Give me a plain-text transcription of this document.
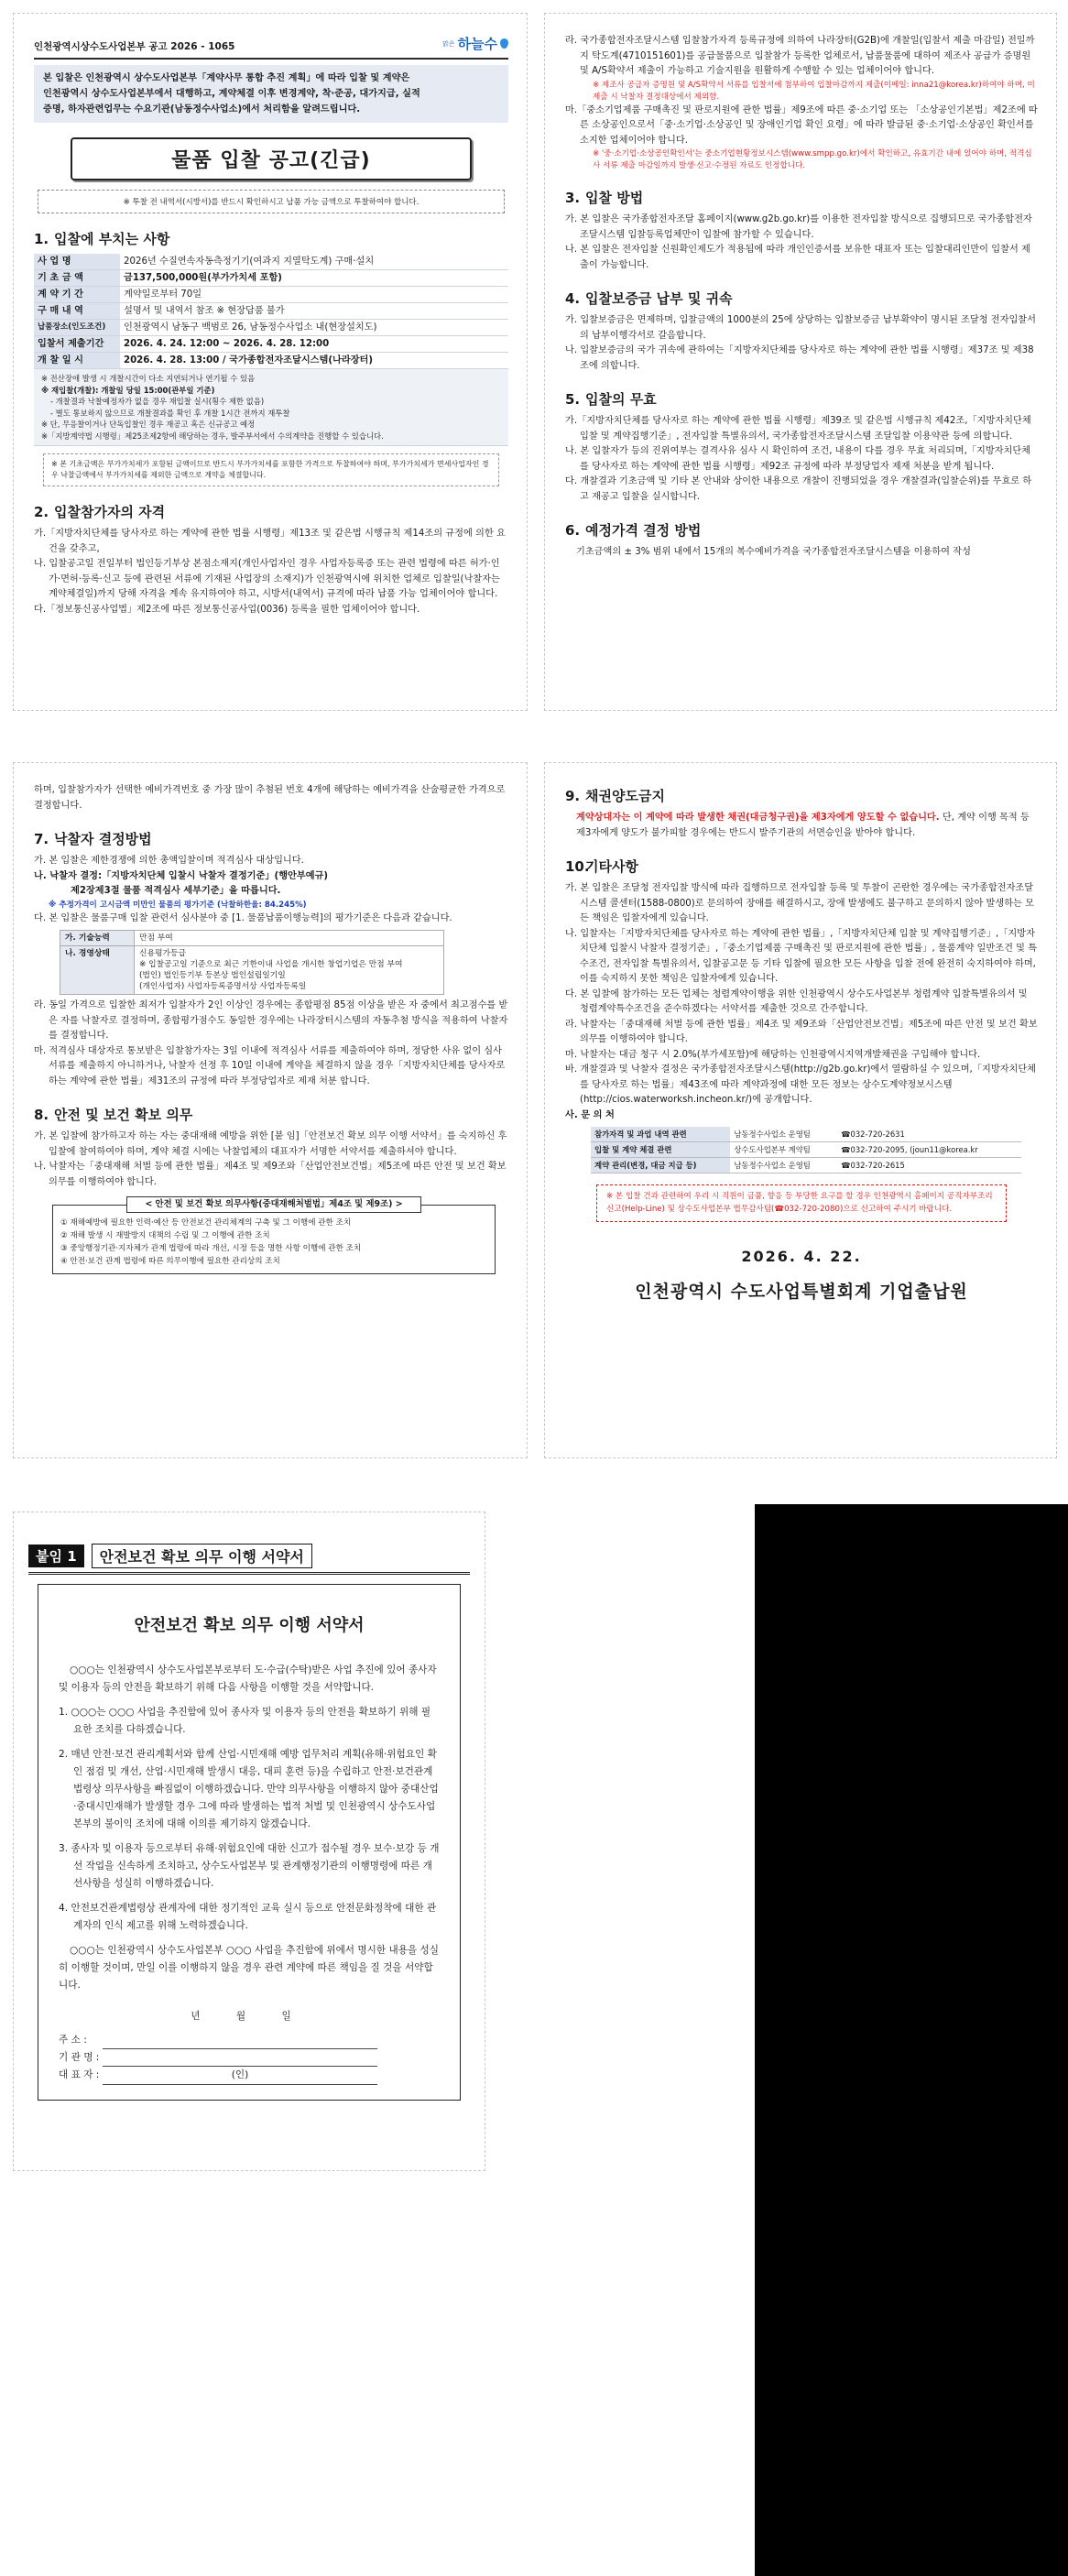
인천광역시상수도사업본부 공고 2026 - 1065	맑은 하늘수
본 입찰은 인천광역시 상수도사업본부「계약사무 통합 추진 계획」에 따라 입찰 및 계약은
인천광역시 상수도사업본부에서 대행하고, 계약체결 이후 변경계약, 착·준공, 대가지급, 실적
증명, 하자관련업무는 수요기관(남동정수사업소)에서 처리함을 알려드립니다.
물품 입찰 공고(긴급)
※ 투찰 전 내역서(시방서)를 반드시 확인하시고 납품 가능 금액으로 투찰하여야 합니다.
1. 입찰에 부치는 사항
사 업 명	2026년 수질연속자동측정기기(여과지 지열탁도계) 구매·설치
기 초 금 액	금137,500,000원(부가가치세 포함)
계 약 기 간	계약일로부터 70일
구 매 내 역	설명서 및 내역서 참조 ※ 현장답품 불가
납품장소(인도조건)	인천광역시 남동구 백범로 26, 남동정수사업소 내(현장설치도)
입찰서 제출기간	2026. 4. 24. 12:00 ~ 2026. 4. 28. 12:00
개 찰 일 시	2026. 4. 28. 13:00 / 국가종합전자조달시스템(나라장터)
※ 전산장애 발생 시 개찰시간이 다소 지연되거나 연기될 수 있음
※ 재입찰(개찰): 개찰일 당일 15:00(관부일 기준)
- 개찰결과 낙찰예정자가 없을 경우 재입찰 실시(횡수 제한 없음)
- 별도 통보하지 않으므로 개찰결과를 확인 후 개찰 1시간 전까지 재투찰
※ 단, 무응찰이거나 단독입찰인 경우 재공고 혹은 신규공고 예정
※「지방계약법 시행령」제25조제2항에 해당하는 경우, 발주부서에서 수의계약을 진행할 수 있습니다.
※ 본 기초금액은 부가가치세가 포함된 금액이므로 반드시 부가가치세를 포함한 가격으로 투찰하여야 하며, 부가가치세가 면세사업자인 경우 낙찰금액에서 부가가치세를 제외한 금액으로 계약을 체결합니다.
2. 입찰참가자의 자격

가.「지방자치단체를 당사자로 하는 계약에 관한 법률 시행령」제13조 및 같은법 시행규칙 제14조의 규정에 의한 요건을 갖추고,

나. 입찰공고일 전일부터 법인등기부상 본점소재지(개인사업자인 경우 사업자등록증 또는 관련 법령에 따른 허가·인가·면허·등록·신고 등에 관련된 서류에 기재된 사업장의 소재지)가 인천광역시에 위치한 업체로 입찰일(낙찰자는 계약체결일)까지 당해 자격을 계속 유지하여야 하고, 시방서(내역서) 규격에 따라 납품 가능 업체이어야 합니다.

다.「정보통신공사업법」제2조에 따른 정보통신공사업(0036) 등록을 필한 업체이어야 합니다.

라. 국가종합전자조달시스템 입찰참가자격 등록규정에 의하여 나라장터(G2B)에 개찰일(입찰서 제출 마감일) 전일까지 탁도계(4710151601)를 공급물품으로 입찰참가 등록한 업체로서, 납품물품에 대하여 제조사 공급가 증명원 및 A/S확약서 제출이 가능하고 기술지원을 원활하게 수행할 수 있는 업체이어야 합니다.

※ 제조사 공급자 증명원 및 A/S확약서 서류를 입찰서에 첨부하여 입찰마감까지 제출(이메일: inna21@korea.kr)하여야 하며, 미제출 시 낙찰자 결정대상에서 제외함.

마.「중소기업제품 구매촉진 및 판로지원에 관한 법률」제9조에 따른 중·소기업 또는 「소상공인기본법」제2조에 따른 소상공인으로서「중·소기업·소상공인 및 장애인기업 확인 요령」에 따라 발급된 중·소기업·소상공인 확인서를 소지한 업체이어야 합니다.

※ '중·소기업·소상공인확인서'는 중소기업현황정보시스템(www.smpp.go.kr)에서 확인하고, 유효기간 내에 있어야 하며, 적격심사 서류 제출 마감일까지 발생·신고·수정된 자료도 인정합니다.

3. 입찰 방법

가. 본 입찰은 국가종합전자조달 홈페이지(www.g2b.go.kr)를 이용한 전자입찰 방식으로 집행되므로 국가종합전자조달시스템 입찰등록업체만이 입찰에 참가할 수 있습니다.

나. 본 입찰은 전자입찰 신원확인제도가 적용됨에 따라 개인인증서를 보유한 대표자 또는 입찰대리인만이 입찰서 제출이 가능합니다.

4. 입찰보증금 납부 및 귀속

가. 입찰보증금은 면제하며, 입찰금액의 1000분의 25에 상당하는 입찰보증금 납부확약이 명시된 조달청 전자입찰서의 납부이행각서로 갈음합니다.

나. 입찰보증금의 국가 귀속에 관하여는「지방자치단체를 당사자로 하는 계약에 관한 법률 시행령」제37조 및 제38조에 의합니다.

5. 입찰의 무효

가.「지방자치단체를 당사자로 하는 계약에 관한 법률 시행령」제39조 및 같은법 시행규칙 제42조,「지방자치단체 입찰 및 계약집행기준」, 전자입찰 특별유의서, 국가종합전자조달시스템 조달입찰 이용약관 등에 의합니다.

나. 본 입찰자가 등의 진위여부는 결격사유 심사 시 확인하여 조건, 내용이 다를 경우 무효 처리되며,「지방자치단체를 당사자로 하는 계약에 관한 법률 시행령」제92조 규정에 따라 부정당업자 제재 처분을 받게 됩니다.

다. 개찰결과 기초금액 및 기타 본 안내와 상이한 내용으로 개찰이 진행되었을 경우 개찰결과(입찰순위)를 무효로 하고 재공고 입찰을 실시합니다.

6. 예정가격 결정 방법

기초금액의 ± 3% 범위 내에서 15개의 복수예비가격을 국가종합전자조달시스템을 이용하여 작성

하며, 입찰참가자가 선택한 예비가격번호 중 가장 많이 추첨된 번호 4개에 해당하는 예비가격을 산술평균한 가격으로 결정합니다.

7. 낙찰자 결정방법

가. 본 입찰은 제한경쟁에 의한 총액입찰이며 적격심사 대상입니다.

나. 낙찰자 결정:「지방자치단체 입찰시 낙찰자 결정기준」(행안부예규)

제2장제3절 물품 적격심사 세부기준」을 따릅니다.

※ 추정가격이 고시금액 미만인 물품의 평가기준 (낙찰하한율: 84.245%)

다. 본 입찰은 물품구매 입찰 관련서 심사분야 중 [1. 물품납품이행능력]의 평가기준은 다음과 같습니다.

가. 기술능력	만점 부여
나. 경영상태	신용평가등급
※ 입찰공고일 기준으로 최근 기한이내 사업을 개시한 창업기업은 만점 부여
(법인) 법인등기부 등본상 법인설립일기일
(개인사업자) 사업자등록증명서상 사업자등록일

라. 동일 가격으로 입찰한 최저가 입찰자가 2인 이상인 경우에는 종합평점 85점 이상을 받은 자 중에서 최고점수를 받은 자를 낙찰자로 결정하며, 종합평가점수도 동일한 경우에는 나라장터시스템의 자동추첨 방식을 적용하여 낙찰자를 결정합니다.

마. 적격심사 대상자로 통보받은 입찰참가자는 3일 이내에 적격심사 서류를 제출하여야 하며, 정당한 사유 없이 심사서류를 제출하지 아니하거나, 낙찰자 선정 후 10일 이내에 계약을 체결하지 않을 경우「지방자치단체를 당사자로 하는 계약에 관한 법률」제31조의 규정에 따라 부정당업자로 제재 처분 합니다.

8. 안전 및 보건 확보 의무

가. 본 입찰에 참가하고자 하는 자는 중대재해 예방을 위한 [붙 임]「안전보건 확보 의무 이행 서약서」를 숙지하신 후 입찰에 참여하여야 하며, 계약 체결 시에는 낙찰업체의 대표자가 서명한 서약서를 제출하셔야 합니다.

나. 낙찰자는「중대재해 처벌 등에 관한 법률」제4조 및 제9조와「산업안전보건법」제5조에 따른 안전 및 보건 확보의무를 이행하여야 합니다.

< 안전 및 보건 확보 의무사항(중대재해처벌법」제4조 및 제9조) >
① 재해예방에 필요한 인력·예산 등 안전보건 관리체계의 구축 및 그 이행에 관한 조치
② 재해 발생 시 재발방지 대책의 수립 및 그 이행에 관한 조치
③ 중앙행정기관·지자체가 관계 법령에 따라 개선, 시정 등을 명한 사항 이행에 관한 조치
④ 안전·보건 관계 법령에 따른 의무이행에 필요한 관리상의 조치
9. 채권양도금지

계약상대자는 이 계약에 따라 발생한 채권(대금청구권)을 제3자에게 양도할 수 없습니다. 단, 계약 이행 목적 등 제3자에게 양도가 불가피할 경우에는 반드시 발주기관의 서면승인을 받아야 합니다.

10.기타사항

가. 본 입찰은 조달청 전자입찰 방식에 따라 집행하므로 전자입찰 등록 및 투찰이 곤란한 경우에는 국가종합전자조달시스템 콜센터(1588-0800)로 문의하여 장애를 해결하시고, 장애 발생에도 불구하고 문의하지 않아 발생하는 모든 책임은 입찰자에게 있습니다.

나. 입찰자는「지방자치단체를 당사자로 하는 계약에 관한 법률」,「지방자치단체 입찰 및 계약집행기준」,「지방자치단체 입찰시 낙찰자 결정기준」,「중소기업제품 구매촉진 및 판로지원에 관한 법률」, 물품계약 일반조건 및 특수조건, 전자입찰 특별유의서, 입찰공고문 등 기타 입찰에 필요한 모든 사항을 입찰 전에 완전히 숙지하여야 하며, 이를 숙지하지 못한 책임은 입찰자에게 있습니다.

다. 본 입찰에 참가하는 모든 업체는 청렴계약이행을 위한 인천광역시 상수도사업본부 청렴계약 입찰특별유의서 및 청렴계약특수조건을 준수하겠다는 서약서를 제출한 것으로 간주합니다.

라. 낙찰자는「중대재해 처벌 등에 관한 법률」제4조 및 제9조와「산업안전보건법」제5조에 따른 안전 및 보건 확보의무를 이행하여야 합니다.

마. 낙찰자는 대금 청구 시 2.0%(부가세포함)에 해당하는 인천광역시지역개발채권을 구입해야 합니다.

바. 개찰결과 및 낙찰자 결정은 국가종합전자조달시스템(http://g2b.go.kr)에서 열람하실 수 있으며,「지방자치단체를 당사자로 하는 법률」제43조에 따라 계약과정에 대한 모든 정보는 상수도계약정보시스템(http://cios.waterworksh.incheon.kr/)에 공개합니다.

사. 문 의 처

참가자격 및 과업 내역 관련	남동정수사업소 운영팀	☎032-720-2631
입찰 및 계약 체결 관련	상수도사업본부 계약팀	☎032-720-2095, (joun11@korea.kr
계약 관리(변경, 대금 지급 등)	남동정수사업소 운영팀	☎032-720-2615
※ 본 입찰 건과 관련하여 우리 시 직원이 금품, 향응 등 부당한 요구를 할 경우 인천광역시 홈페이지 공직자부조리신고(Help-Line) 및 상수도사업본부 법무감사팀(☎032-720-2080)으로 신고하여 주시기 바랍니다.
2026. 4. 22.
인천광역시 수도사업특별회계 기업출납원
붙임 1	안전보건 확보 의무 이행 서약서
안전보건 확보 의무 이행 서약서

○○○는 인천광역시 상수도사업본부로부터 도·수급(수탁)받은 사업 추진에 있어 종사자 및 이용자 등의 안전을 확보하기 위해 다음 사항을 이행할 것을 서약합니다.

1. ○○○는 ○○○ 사업을 추진함에 있어 종사자 및 이용자 등의 안전을 확보하기 위해 필요한 조치를 다하겠습니다.

2. 매년 안전·보건 관리계획서와 함께 산업·시민재해 예방 업무처리 계획(유해·위험요인 확인 점검 및 개선, 산업·시민재해 발생시 대응, 대피 훈련 등)을 수립하고 안전·보건관계법령상 의무사항을 빠짐없이 이행하겠습니다. 만약 의무사항을 이행하지 않아 중대산업·중대시민재해가 발생할 경우 그에 따라 발생하는 법적 처벌 및 인천광역시 상수도사업본부의 불이익 조치에 대해 이의를 제기하지 않겠습니다.

3. 종사자 및 이용자 등으로부터 유해·위험요인에 대한 신고가 접수될 경우 보수·보강 등 개선 작업을 신속하게 조치하고, 상수도사업본부 및 관계행정기관의 이행명령에 따른 개선사항을 성실히 이행하겠습니다.

4. 안전보건관계법령상 관계자에 대한 정기적인 교육 실시 등으로 안전문화정착에 대한 관계자의 인식 제고를 위해 노력하겠습니다.

○○○는 인천광역시 상수도사업본부 ○○○ 사업을 추진함에 위에서 명시한 내용을 성실히 이행할 것이며, 만일 이를 이행하지 않을 경우 관련 계약에 따른 책임을 질 것을 서약합니다.

년 월 일
주 소 :
기 관 명 :
대 표 자 :	(인)
